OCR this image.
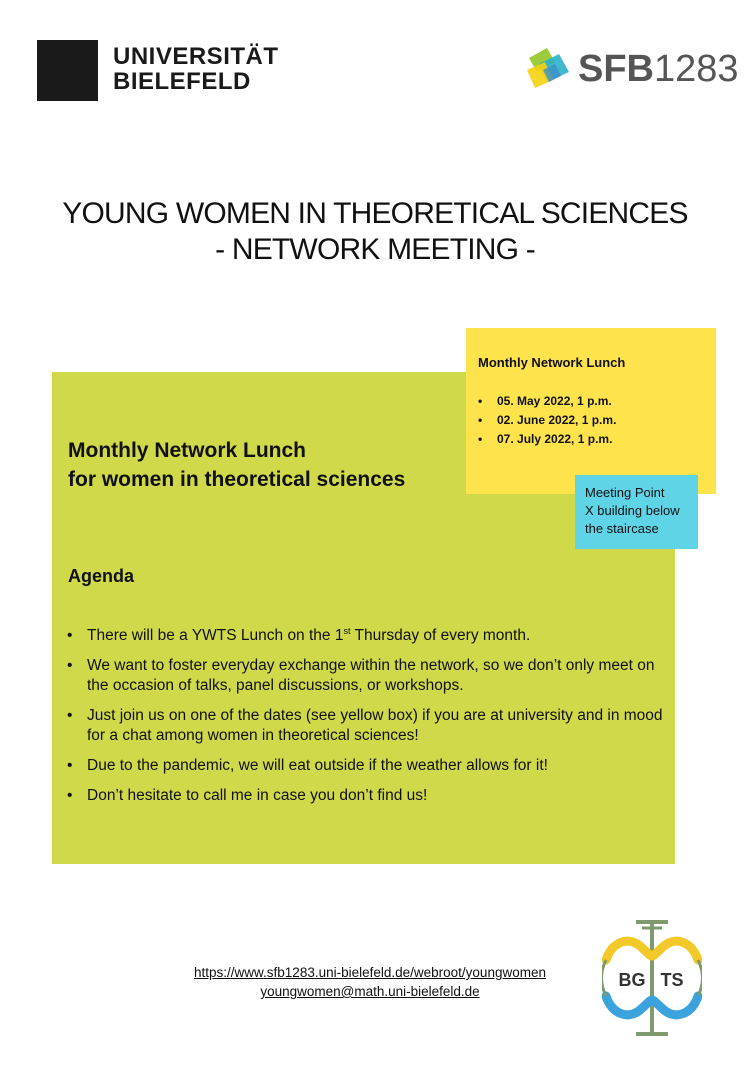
UNIVERSITÄT
BIELEFELD	SFB1283
YOUNG WOMEN IN THEORETICAL SCIENCES
- NETWORK MEETING -
Monthly Network Lunch
for women in theoretical sciences
Agenda
• There will be a YWTS Lunch on the 1st Thursday of every month.
• We want to foster everyday exchange within the network, so we don’t only meet on the occasion of talks, panel discussions, or workshops.
• Just join us on one of the dates (see yellow box) if you are at university and in mood for a chat among women in theoretical sciences!
• Due to the pandemic, we will eat outside if the weather allows for it!
• Don’t hesitate to call me in case you don’t find us!
Monthly Network Lunch
• 05. May 2022, 1 p.m.
• 02. June 2022, 1 p.m.
• 07. July 2022, 1 p.m.
Meeting Point
X building below
the staircase
https://www.sfb1283.uni-bielefeld.de/webroot/youngwomen
youngwomen@math.uni-bielefeld.de
BG TS
